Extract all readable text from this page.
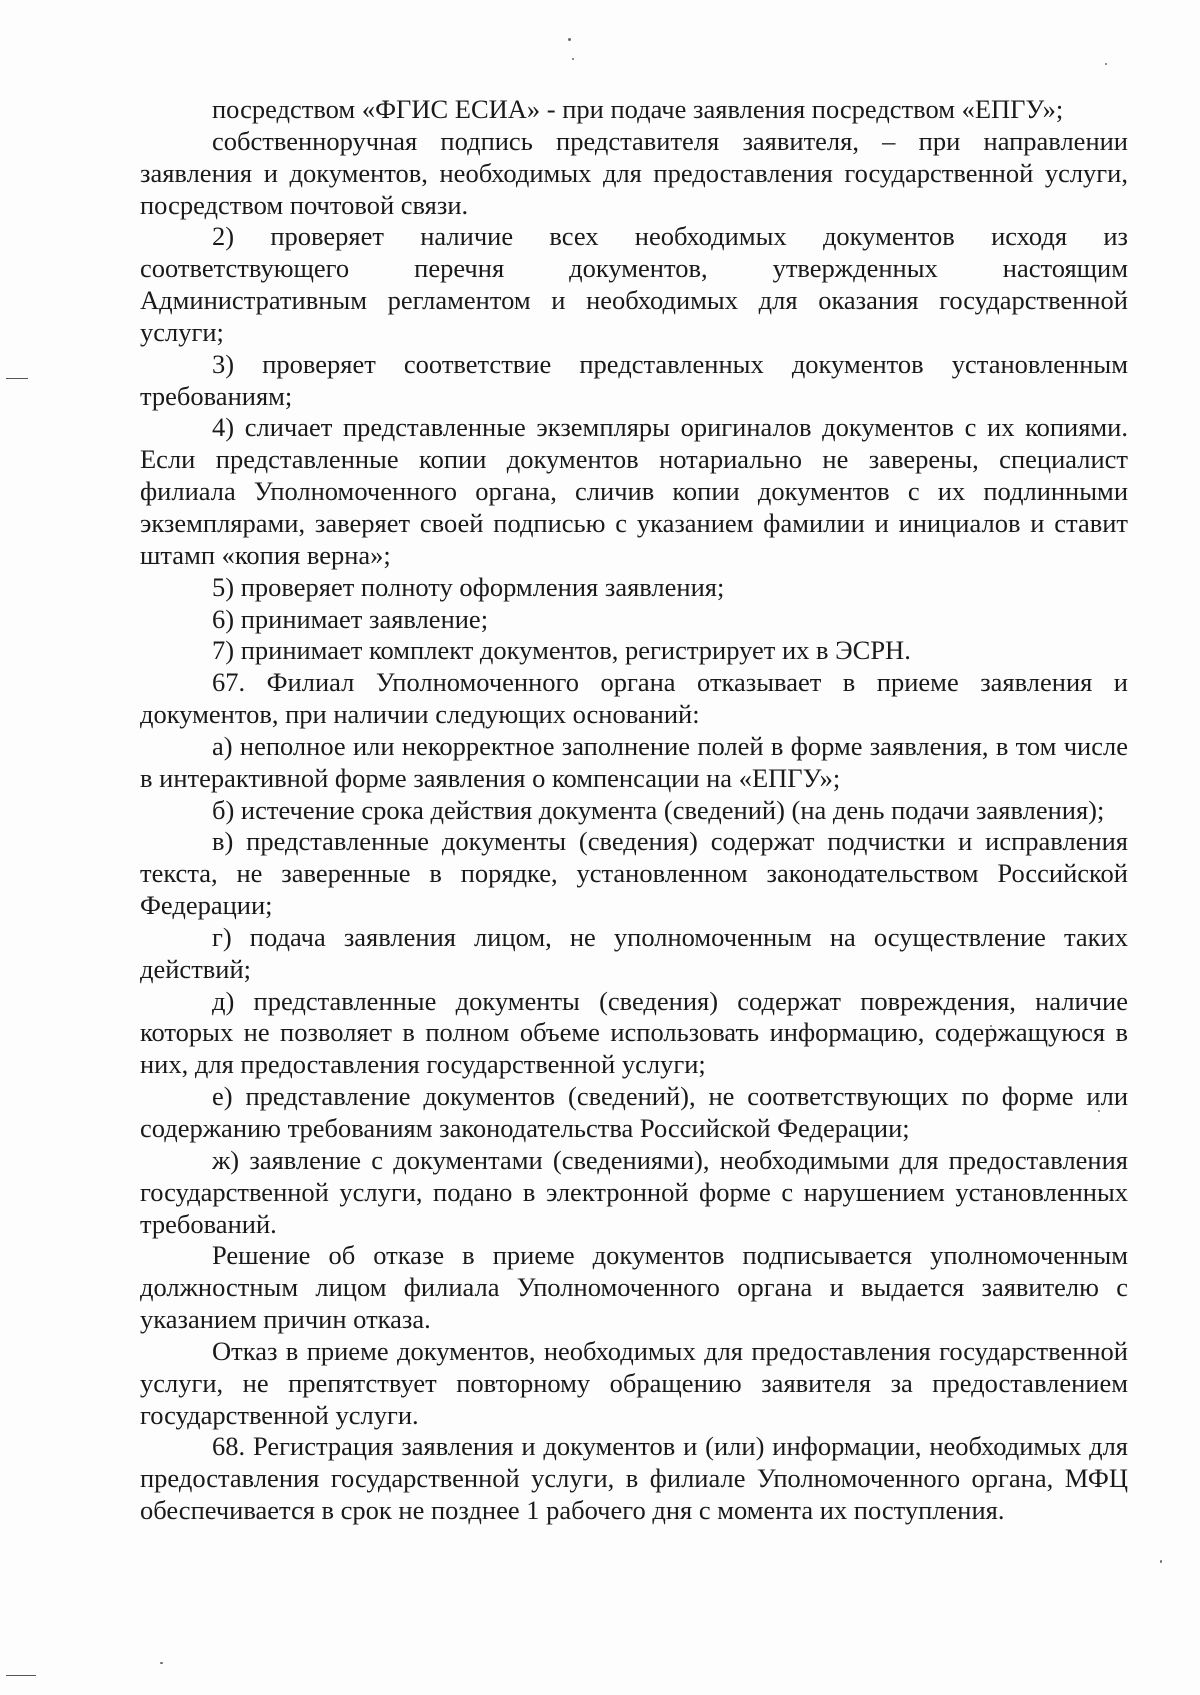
посредством «ФГИС ЕСИА» - при подаче заявления посредством «ЕПГУ»;

собственноручная подпись представителя заявителя, – при направлении заявления и документов, необходимых для предоставления государственной услуги, посредством почтовой связи.

2) проверяет наличие всех необходимых документов исходя из соответствующего перечня документов, утвержденных настоящим Административным регламентом и необходимых для оказания государственной услуги;

3) проверяет соответствие представленных документов установленным требованиям;

4) сличает представленные экземпляры оригиналов документов с их копиями. Если представленные копии документов нотариально не заверены, специалист филиала Уполномоченного органа, сличив копии документов с их подлинными экземплярами, заверяет своей подписью с указанием фамилии и инициалов и ставит штамп «копия верна»;

5) проверяет полноту оформления заявления;

6) принимает заявление;

7) принимает комплект документов, регистрирует их в ЭСРН.

67. Филиал Уполномоченного органа отказывает в приеме заявления и документов, при наличии следующих оснований:

а) неполное или некорректное заполнение полей в форме заявления, в том числе в интерактивной форме заявления о компенсации на «ЕПГУ»;

б) истечение срока действия документа (сведений) (на день подачи заявления);

в) представленные документы (сведения) содержат подчистки и исправления текста, не заверенные в порядке, установленном законодательством Российской Федерации;

г) подача заявления лицом, не уполномоченным на осуществление таких действий;

д) представленные документы (сведения) содержат повреждения, наличие которых не позволяет в полном объеме использовать информацию, содержащуюся в них, для предоставления государственной услуги;

е) представление документов (сведений), не соответствующих по форме или содержанию требованиям законодательства Российской Федерации;

ж) заявление с документами (сведениями), необходимыми для предоставления государственной услуги, подано в электронной форме с нарушением установленных требований.

Решение об отказе в приеме документов подписывается уполномоченным должностным лицом филиала Уполномоченного органа и выдается заявителю с указанием причин отказа.

Отказ в приеме документов, необходимых для предоставления государственной услуги, не препятствует повторному обращению заявителя за предоставлением государственной услуги.

68. Регистрация заявления и документов и (или) информации, необходимых для предоставления государственной услуги, в филиале Уполномоченного органа, МФЦ обеспечивается в срок не позднее 1 рабочего дня с момента их поступления.
